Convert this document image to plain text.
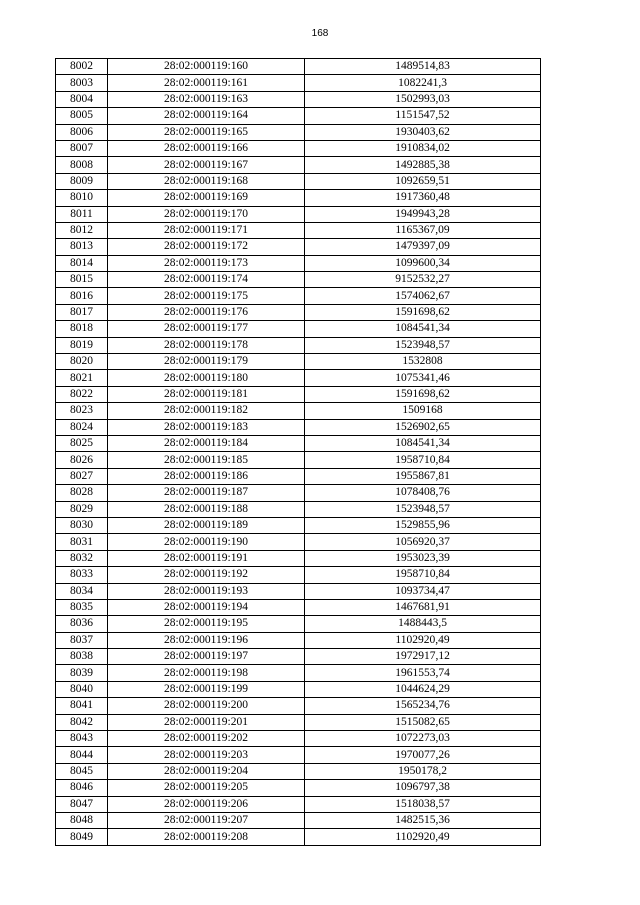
168
8002	28:02:000119:160	1489514,83
8003	28:02:000119:161	1082241,3
8004	28:02:000119:163	1502993,03
8005	28:02:000119:164	1151547,52
8006	28:02:000119:165	1930403,62
8007	28:02:000119:166	1910834,02
8008	28:02:000119:167	1492885,38
8009	28:02:000119:168	1092659,51
8010	28:02:000119:169	1917360,48
8011	28:02:000119:170	1949943,28
8012	28:02:000119:171	1165367,09
8013	28:02:000119:172	1479397,09
8014	28:02:000119:173	1099600,34
8015	28:02:000119:174	9152532,27
8016	28:02:000119:175	1574062,67
8017	28:02:000119:176	1591698,62
8018	28:02:000119:177	1084541,34
8019	28:02:000119:178	1523948,57
8020	28:02:000119:179	1532808
8021	28:02:000119:180	1075341,46
8022	28:02:000119:181	1591698,62
8023	28:02:000119:182	1509168
8024	28:02:000119:183	1526902,65
8025	28:02:000119:184	1084541,34
8026	28:02:000119:185	1958710,84
8027	28:02:000119:186	1955867,81
8028	28:02:000119:187	1078408,76
8029	28:02:000119:188	1523948,57
8030	28:02:000119:189	1529855,96
8031	28:02:000119:190	1056920,37
8032	28:02:000119:191	1953023,39
8033	28:02:000119:192	1958710,84
8034	28:02:000119:193	1093734,47
8035	28:02:000119:194	1467681,91
8036	28:02:000119:195	1488443,5
8037	28:02:000119:196	1102920,49
8038	28:02:000119:197	1972917,12
8039	28:02:000119:198	1961553,74
8040	28:02:000119:199	1044624,29
8041	28:02:000119:200	1565234,76
8042	28:02:000119:201	1515082,65
8043	28:02:000119:202	1072273,03
8044	28:02:000119:203	1970077,26
8045	28:02:000119:204	1950178,2
8046	28:02:000119:205	1096797,38
8047	28:02:000119:206	1518038,57
8048	28:02:000119:207	1482515,36
8049	28:02:000119:208	1102920,49
